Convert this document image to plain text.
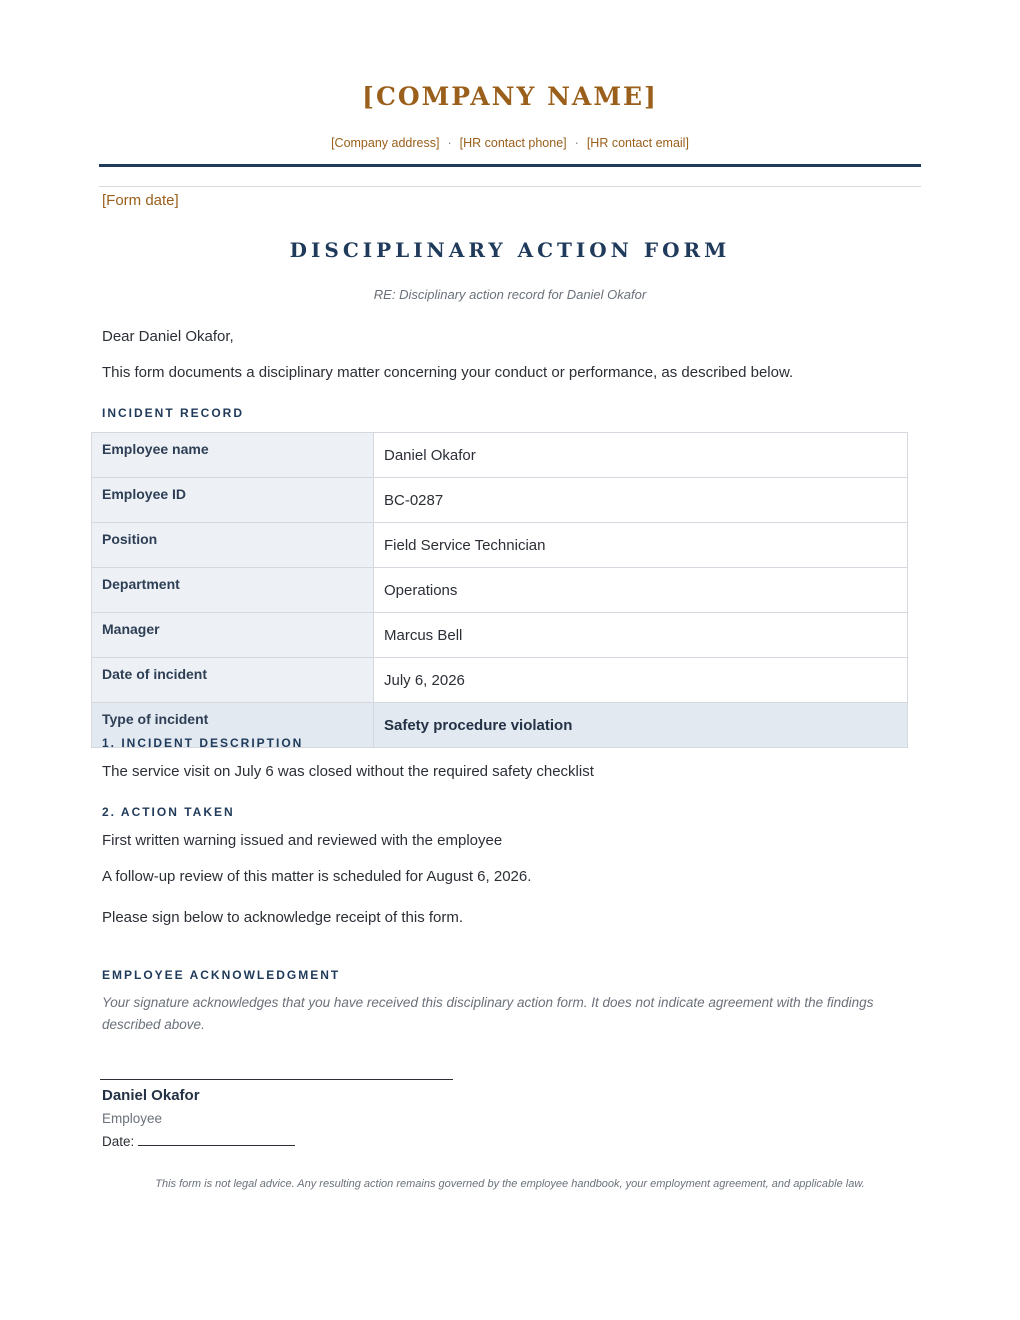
[COMPANY NAME]
[Company address] · [HR contact phone] · [HR contact email]
[Form date]
DISCIPLINARY ACTION FORM
RE: Disciplinary action record for Daniel Okafor
Dear Daniel Okafor,
This form documents a disciplinary matter concerning your conduct or performance, as described below.
INCIDENT RECORD
Employee name	Daniel Okafor
Employee ID	BC-0287
Position	Field Service Technician
Department	Operations
Manager	Marcus Bell
Date of incident	July 6, 2026
Type of incident	Safety procedure violation
1. INCIDENT DESCRIPTION
The service visit on July 6 was closed without the required safety checklist
2. ACTION TAKEN
First written warning issued and reviewed with the employee
A follow-up review of this matter is scheduled for August 6, 2026.
Please sign below to acknowledge receipt of this form.
EMPLOYEE ACKNOWLEDGMENT
Your signature acknowledges that you have received this disciplinary action form. It does not indicate agreement with the findings described above.
Daniel Okafor
Employee
Date:
This form is not legal advice. Any resulting action remains governed by the employee handbook, your employment agreement, and applicable law.
